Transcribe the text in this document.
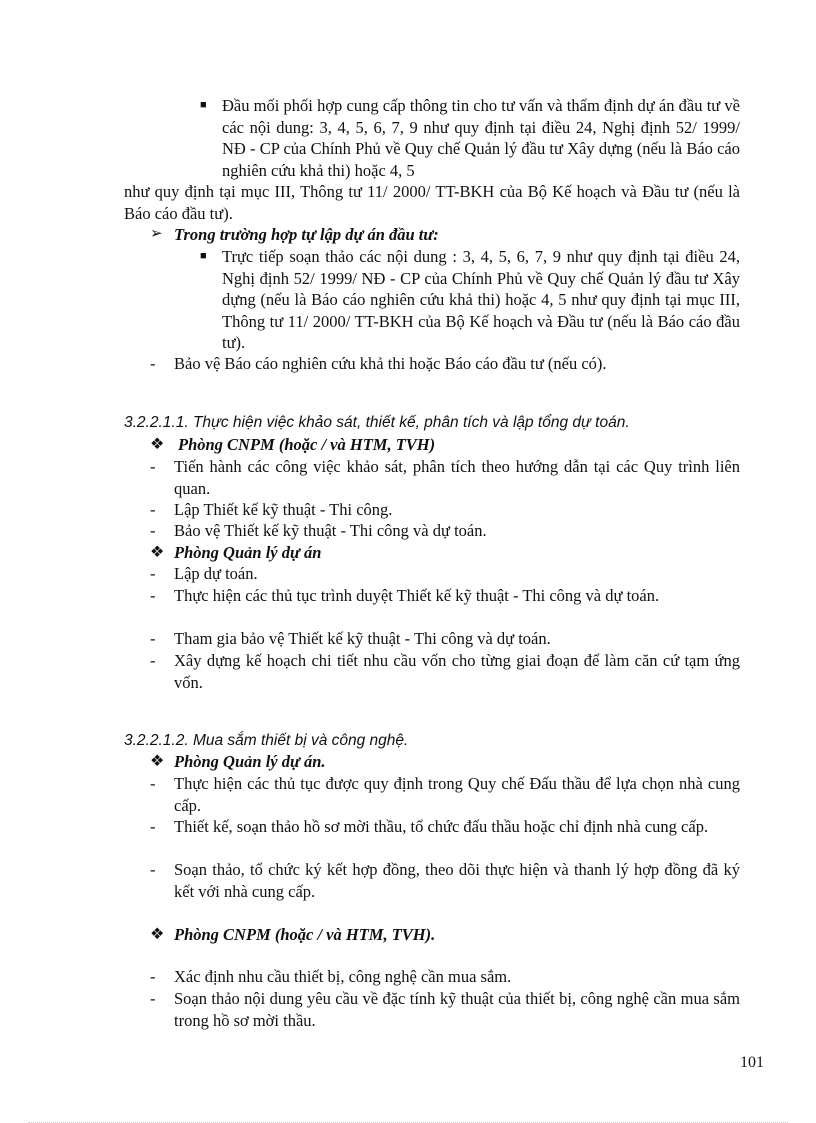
■ Đầu mối phối hợp cung cấp thông tin cho tư vấn và thẩm định dự án đầu tư về các nội dung: 3, 4, 5, 6, 7, 9 như quy định tại điều 24, Nghị định 52/ 1999/ NĐ - CP của Chính Phủ về Quy chế Quản lý đầu tư Xây dựng (nếu là Báo cáo nghiên cứu khả thi) hoặc 4, 5

như quy định tại mục III, Thông tư 11/ 2000/ TT-BKH của Bộ Kế hoạch và Đầu tư (nếu là Báo cáo đầu tư).

➢ Trong trường hợp tự lập dự án đầu tư:
■ Trực tiếp soạn thảo các nội dung : 3, 4, 5, 6, 7, 9 như quy định tại điều 24, Nghị định 52/ 1999/ NĐ - CP của Chính Phủ về Quy chế Quản lý đầu tư Xây dựng (nếu là Báo cáo nghiên cứu khả thi) hoặc 4, 5 như quy định tại mục III, Thông tư 11/ 2000/ TT-BKH của Bộ Kế hoạch và Đầu tư (nếu là Báo cáo đầu tư).

- Bảo vệ Báo cáo nghiên cứu khả thi hoặc Báo cáo đầu tư (nếu có).

3.2.2.1.1. Thực hiện việc khảo sát, thiết kế, phân tích và lập tổng dự toán.
❖ Phòng CNPM (hoặc / và HTM, TVH)
- Tiến hành các công việc khảo sát, phân tích theo hướng dẫn tại các Quy trình liên quan.

- Lập Thiết kế kỹ thuật - Thi công.

- Bảo vệ Thiết kế kỹ thuật - Thi công và dự toán.

❖ Phòng Quản lý dự án
- Lập dự toán.

- Thực hiện các thủ tục trình duyệt Thiết kế kỹ thuật - Thi công và dự toán.

- Tham gia bảo vệ Thiết kế kỹ thuật - Thi công và dự toán.

- Xây dựng kế hoạch chi tiết nhu cầu vốn cho từng giai đoạn để làm căn cứ tạm ứng vốn.

3.2.2.1.2. Mua sắm thiết bị và công nghệ.
❖ Phòng Quản lý dự án.
- Thực hiện các thủ tục được quy định trong Quy chế Đấu thầu để lựa chọn nhà cung cấp.

- Thiết kế, soạn thảo hồ sơ mời thầu, tổ chức đấu thầu hoặc chỉ định nhà cung cấp.

- Soạn thảo, tổ chức ký kết hợp đồng, theo dõi thực hiện và thanh lý hợp đồng đã ký kết với nhà cung cấp.

❖ Phòng CNPM (hoặc / và HTM, TVH).
- Xác định nhu cầu thiết bị, công nghệ cần mua sắm.

- Soạn thảo nội dung yêu cầu về đặc tính kỹ thuật của thiết bị, công nghệ cần mua sắm trong hồ sơ mời thầu.

101
